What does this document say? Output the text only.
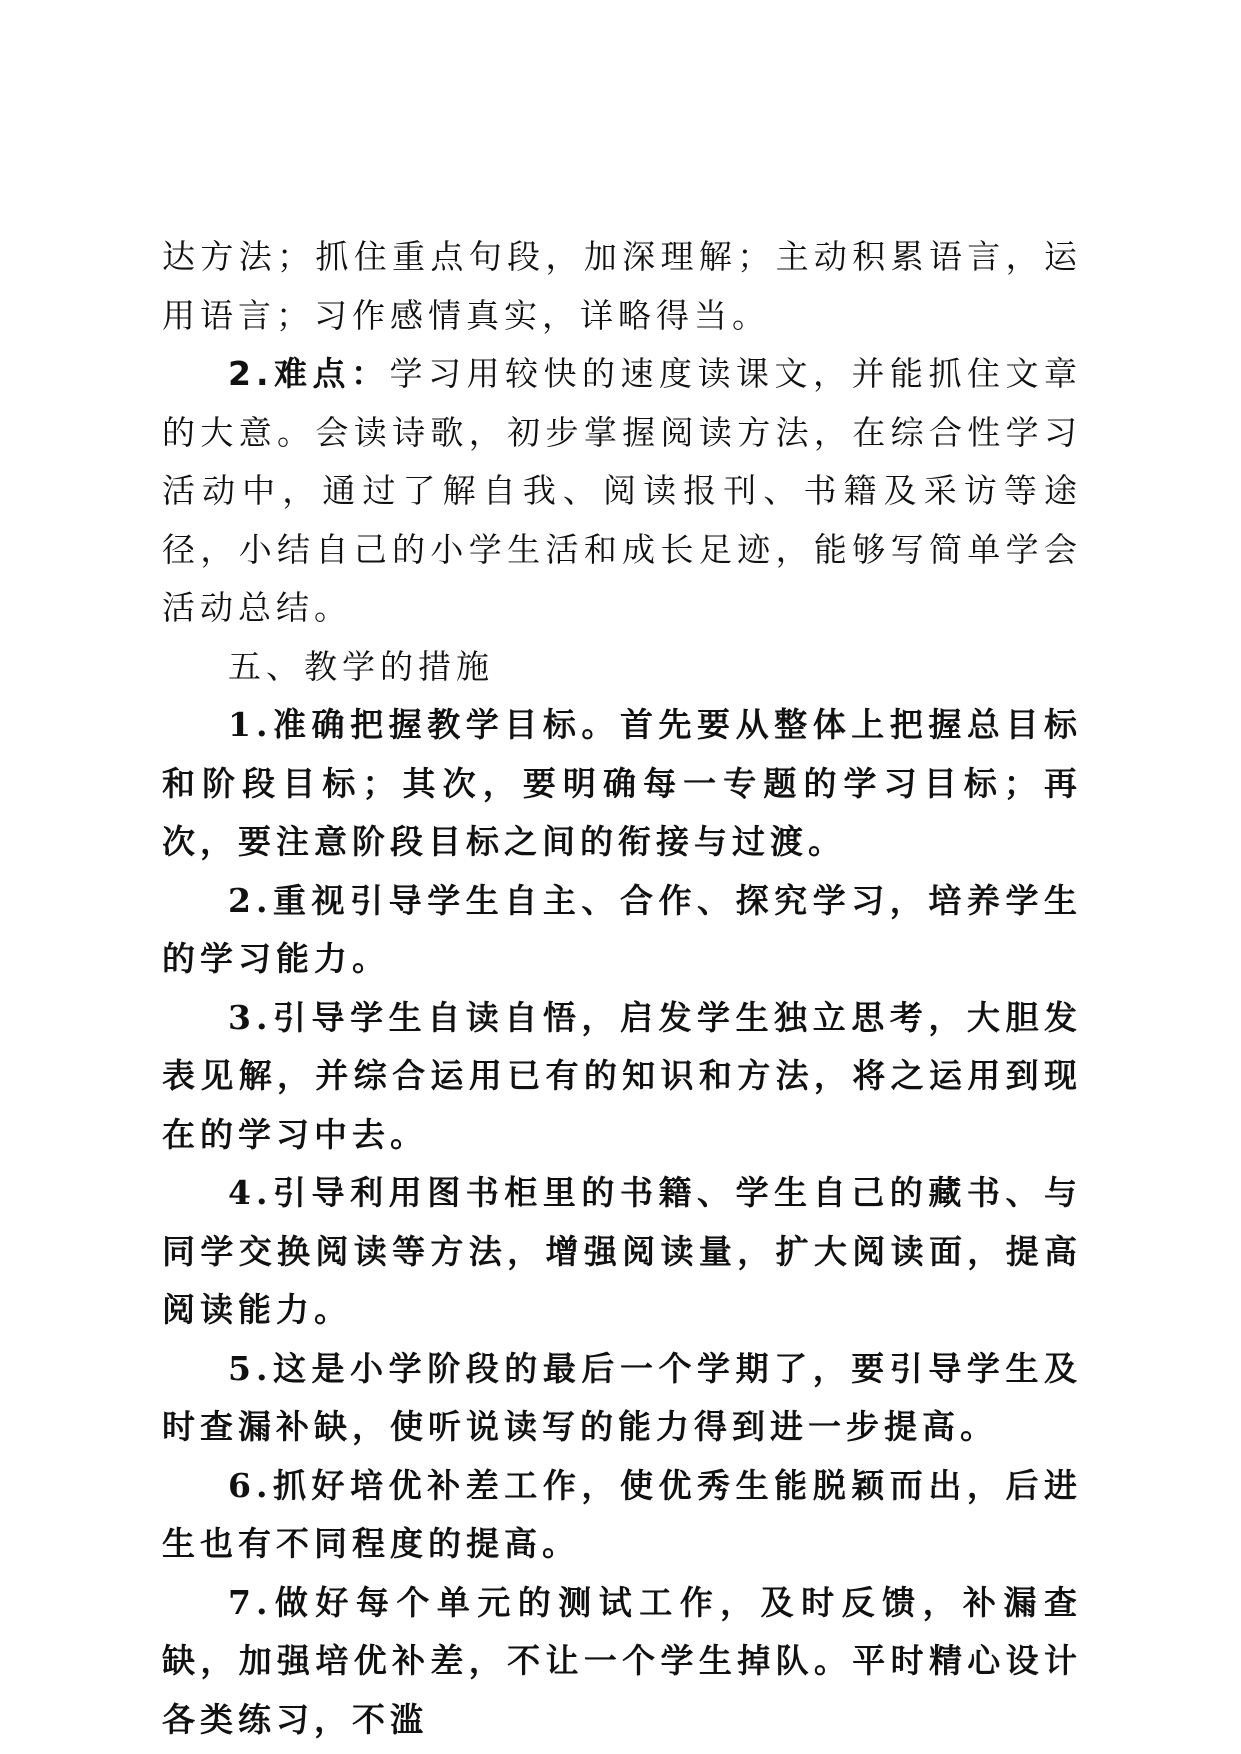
达方法；抓住重点句段，加深理解；主动积累语言，运用语言；习作感情真实，详略得当。

2.难点：学习用较快的速度读课文，并能抓住文章的大意。会读诗歌，初步掌握阅读方法，在综合性学习活动中，通过了解自我、阅读报刊、书籍及采访等途径，小结自己的小学生活和成长足迹，能够写简单学会活动总结。

五、教学的措施

1.准确把握教学目标。首先要从整体上把握总目标和阶段目标；其次，要明确每一专题的学习目标；再次，要注意阶段目标之间的衔接与过渡。

2.重视引导学生自主、合作、探究学习，培养学生的学习能力。

3.引导学生自读自悟，启发学生独立思考，大胆发表见解，并综合运用已有的知识和方法，将之运用到现在的学习中去。

4.引导利用图书柜里的书籍、学生自己的藏书、与同学交换阅读等方法，增强阅读量，扩大阅读面，提高阅读能力。

5.这是小学阶段的最后一个学期了，要引导学生及时查漏补缺，使听说读写的能力得到进一步提高。

6.抓好培优补差工作，使优秀生能脱颖而出，后进生也有不同程度的提高。

7.做好每个单元的测试工作，及时反馈，补漏查缺，加强培优补差，不让一个学生掉队。平时精心设计各类练习，不滥
